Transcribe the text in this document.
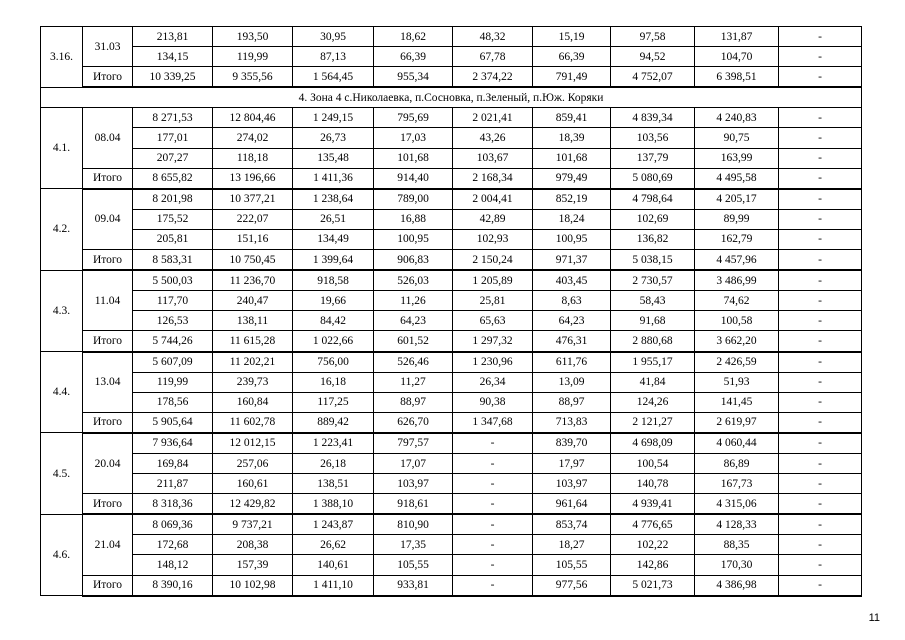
3.16.	31.03	213,81	193,50	30,95	18,62	48,32	15,19	97,58	131,87	-
		134,15	119,99	87,13	66,39	67,78	66,39	94,52	104,70	-
	Итого	10 339,25	9 355,56	1 564,45	955,34	2 374,22	791,49	4 752,07	6 398,51	-
4. Зона 4 с.Николаевка, п.Сосновка, п.Зеленый, п.Юж. Коряки										
4.1.	08.04	8 271,53	12 804,46	1 249,15	795,69	2 021,41	859,41	4 839,34	4 240,83	-
		177,01	274,02	26,73	17,03	43,26	18,39	103,56	90,75	-
		207,27	118,18	135,48	101,68	103,67	101,68	137,79	163,99	-
	Итого	8 655,82	13 196,66	1 411,36	914,40	2 168,34	979,49	5 080,69	4 495,58	-
4.2.	09.04	8 201,98	10 377,21	1 238,64	789,00	2 004,41	852,19	4 798,64	4 205,17	-
		175,52	222,07	26,51	16,88	42,89	18,24	102,69	89,99	-
		205,81	151,16	134,49	100,95	102,93	100,95	136,82	162,79	-
	Итого	8 583,31	10 750,45	1 399,64	906,83	2 150,24	971,37	5 038,15	4 457,96	-
4.3.	11.04	5 500,03	11 236,70	918,58	526,03	1 205,89	403,45	2 730,57	3 486,99	-
		117,70	240,47	19,66	11,26	25,81	8,63	58,43	74,62	-
		126,53	138,11	84,42	64,23	65,63	64,23	91,68	100,58	-
	Итого	5 744,26	11 615,28	1 022,66	601,52	1 297,32	476,31	2 880,68	3 662,20	-
4.4.	13.04	5 607,09	11 202,21	756,00	526,46	1 230,96	611,76	1 955,17	2 426,59	-
		119,99	239,73	16,18	11,27	26,34	13,09	41,84	51,93	-
		178,56	160,84	117,25	88,97	90,38	88,97	124,26	141,45	-
	Итого	5 905,64	11 602,78	889,42	626,70	1 347,68	713,83	2 121,27	2 619,97	-
4.5.	20.04	7 936,64	12 012,15	1 223,41	797,57	-	839,70	4 698,09	4 060,44	-
		169,84	257,06	26,18	17,07	-	17,97	100,54	86,89	-
		211,87	160,61	138,51	103,97	-	103,97	140,78	167,73	-
	Итого	8 318,36	12 429,82	1 388,10	918,61	-	961,64	4 939,41	4 315,06	-
4.6.	21.04	8 069,36	9 737,21	1 243,87	810,90	-	853,74	4 776,65	4 128,33	-
		172,68	208,38	26,62	17,35	-	18,27	102,22	88,35	-
		148,12	157,39	140,61	105,55	-	105,55	142,86	170,30	-
	Итого	8 390,16	10 102,98	1 411,10	933,81	-	977,56	5 021,73	4 386,98	-
11
